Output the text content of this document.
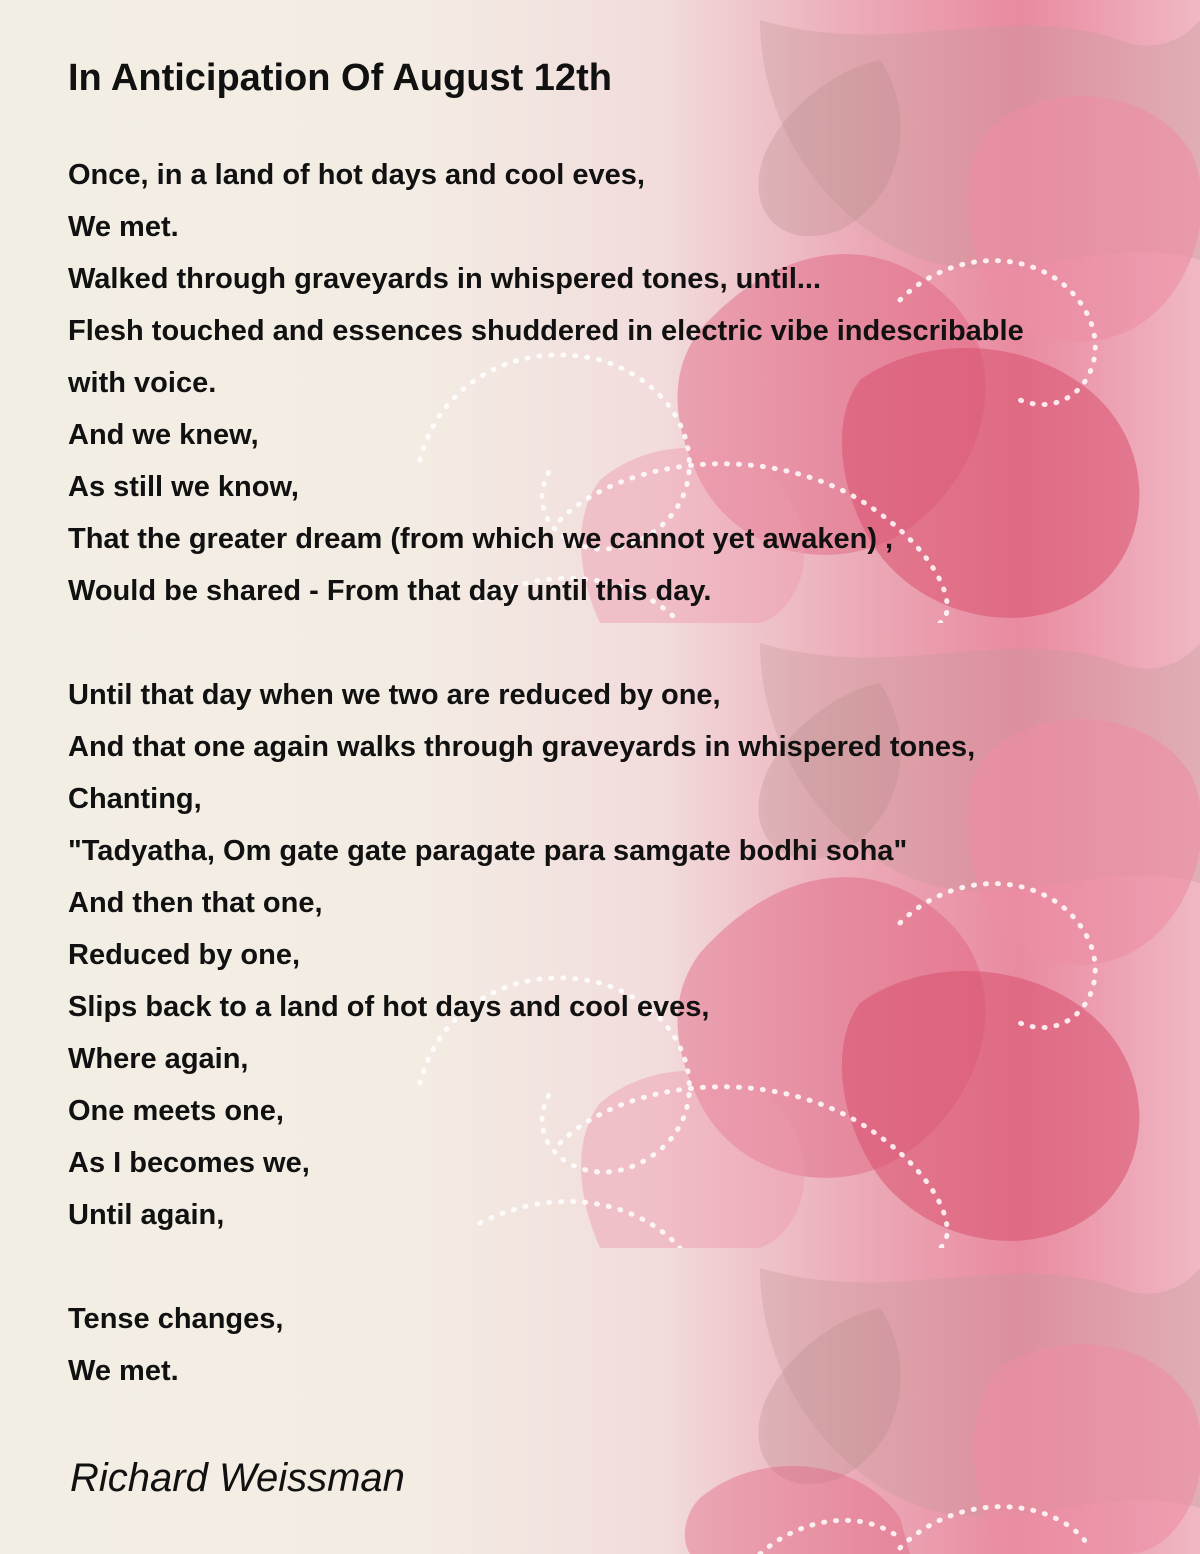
In Anticipation Of August 12th
Once, in a land of hot days and cool eves,
We met.
Walked through graveyards in whispered tones, until...
Flesh touched and essences shuddered in electric vibe indescribable
with voice.
And we knew,
As still we know,
That the greater dream (from which we cannot yet awaken) ,
Would be shared - From that day until this day.
Until that day when we two are reduced by one,
And that one again walks through graveyards in whispered tones,
Chanting,
"Tadyatha, Om gate gate paragate para samgate bodhi soha"
And then that one,
Reduced by one,
Slips back to a land of hot days and cool eves,
Where again,
One meets one,
As I becomes we,
Until again,
Tense changes,
We met.
Richard Weissman
